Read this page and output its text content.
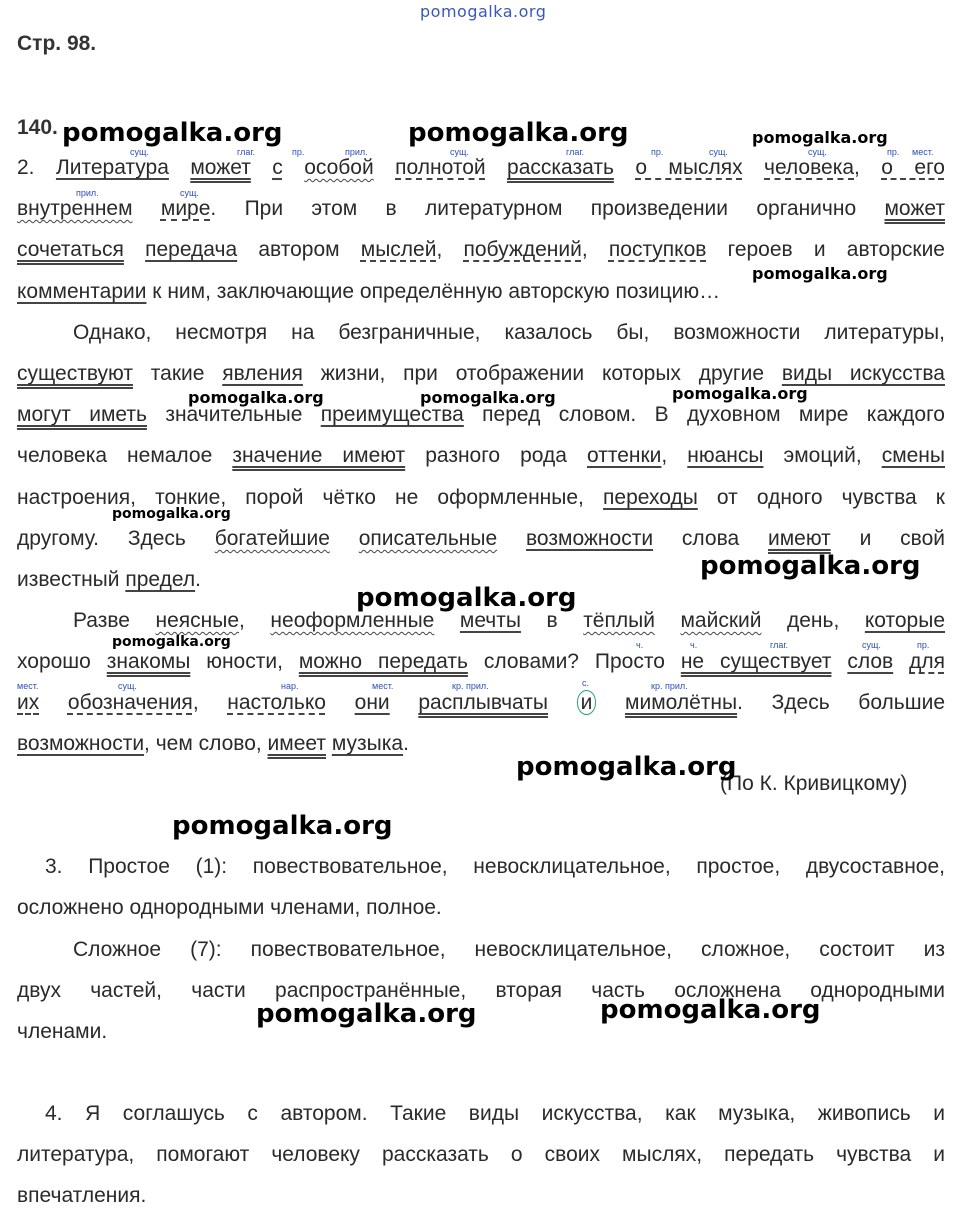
pomogalka.org
Стр. 98.
140.
сущ.	глаг.	пр.	прил.	сущ.	глаг.	пр.	сущ.	сущ.	пр. мест.
прил.	сущ.
2. Литература может с особой полнотой рассказать о мыслях человека, о его
внутреннем мире. При этом в литературном произведении органично может
сочетаться передача автором мыслей, побуждений, поступков героев и авторские
комментарии к ним, заключающие определённую авторскую позицию…
Однако, несмотря на безграничные, казалось бы, возможности литературы,
существуют такие явления жизни, при отображении которых другие виды искусства
могут иметь значительные преимущества перед словом. В духовном мире каждого
человека немалое значение имеют разного рода оттенки, нюансы эмоций, смены
настроения, тонкие, порой чётко не оформленные, переходы от одного чувства к
другому. Здесь богатейшие описательные возможности слова имеют и свой
известный предел.
ч.	ч.	глаг.	сущ.	пр.
мест.	сущ.	нар.	мест.	кр. прил.	с.	кр. прил.
Разве неясные, неоформленные мечты в тёплый майский день, которые
хорошо знакомы юности, можно передать словами? Просто не существует слов для
их обозначения, настолько они расплывчаты и мимолётны. Здесь большие
возможности, чем слово, имеет музыка.
(По К. Кривицкому)
3. Простое (1): повествовательное, невосклицательное, простое, двусоставное,
осложнено однородными членами, полное.
Сложное (7): повествовательное, невосклицательное, сложное, состоит из
двух частей, части распространённые, вторая часть осложнена однородными
членами.
4. Я соглашусь с автором. Такие виды искусства, как музыка, живопись и
литература, помогают человеку рассказать о своих мыслях, передать чувства и
впечатления.
pomogalka.org	pomogalka.org	pomogalka.org
pomogalka.org
pomogalka.org	pomogalka.org	pomogalka.org
pomogalka.org
pomogalka.org
pomogalka.org
pomogalka.org
pomogalka.org
pomogalka.org
pomogalka.org	pomogalka.org
